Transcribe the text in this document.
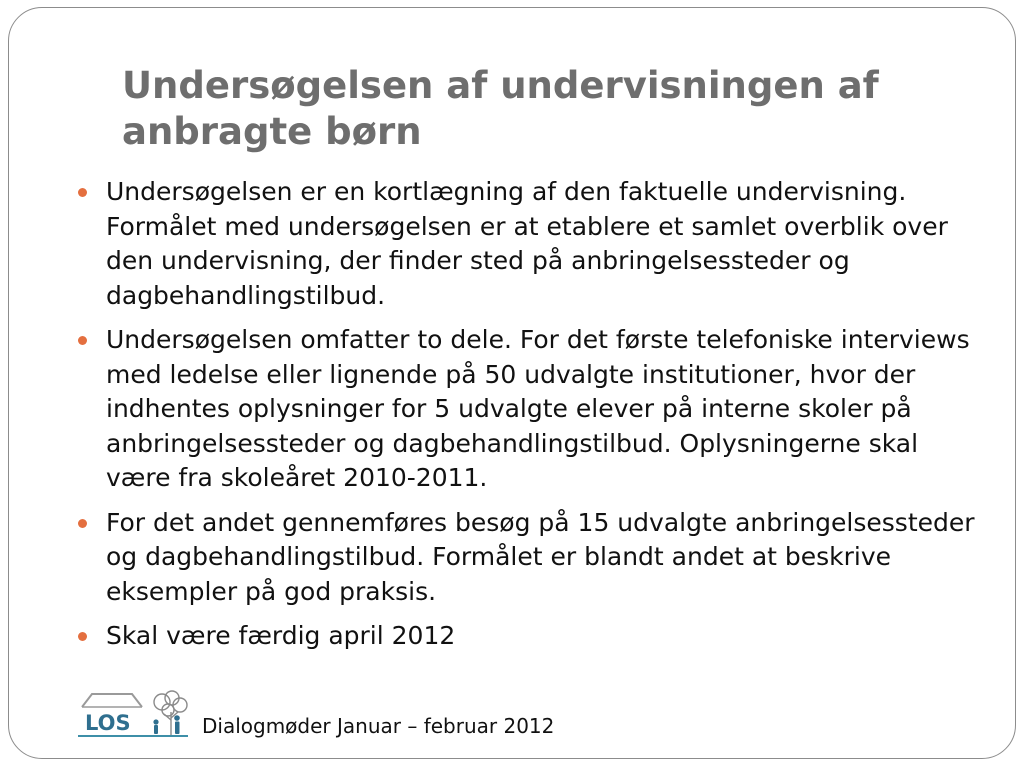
Undersøgelsen af undervisningen af anbragte børn
Undersøgelsen er en kortlægning af den faktuelle undervisning. Formålet med undersøgelsen er at etablere et samlet overblik over den undervisning, der finder sted på anbringelsessteder og dagbehandlingstilbud.
Undersøgelsen omfatter to dele. For det første telefoniske interviews med ledelse eller lignende på 50 udvalgte institutioner, hvor der indhentes oplysninger for 5 udvalgte elever på interne skoler på anbringelsessteder og dagbehandlingstilbud. Oplysningerne skal være fra skoleåret 2010-2011.
For det andet gennemføres besøg på 15 udvalgte anbringelsessteder og dagbehandlingstilbud. Formålet er blandt andet at beskrive eksempler på god praksis.
Skal være færdig april 2012
LOS	Dialogmøder Januar – februar 2012
